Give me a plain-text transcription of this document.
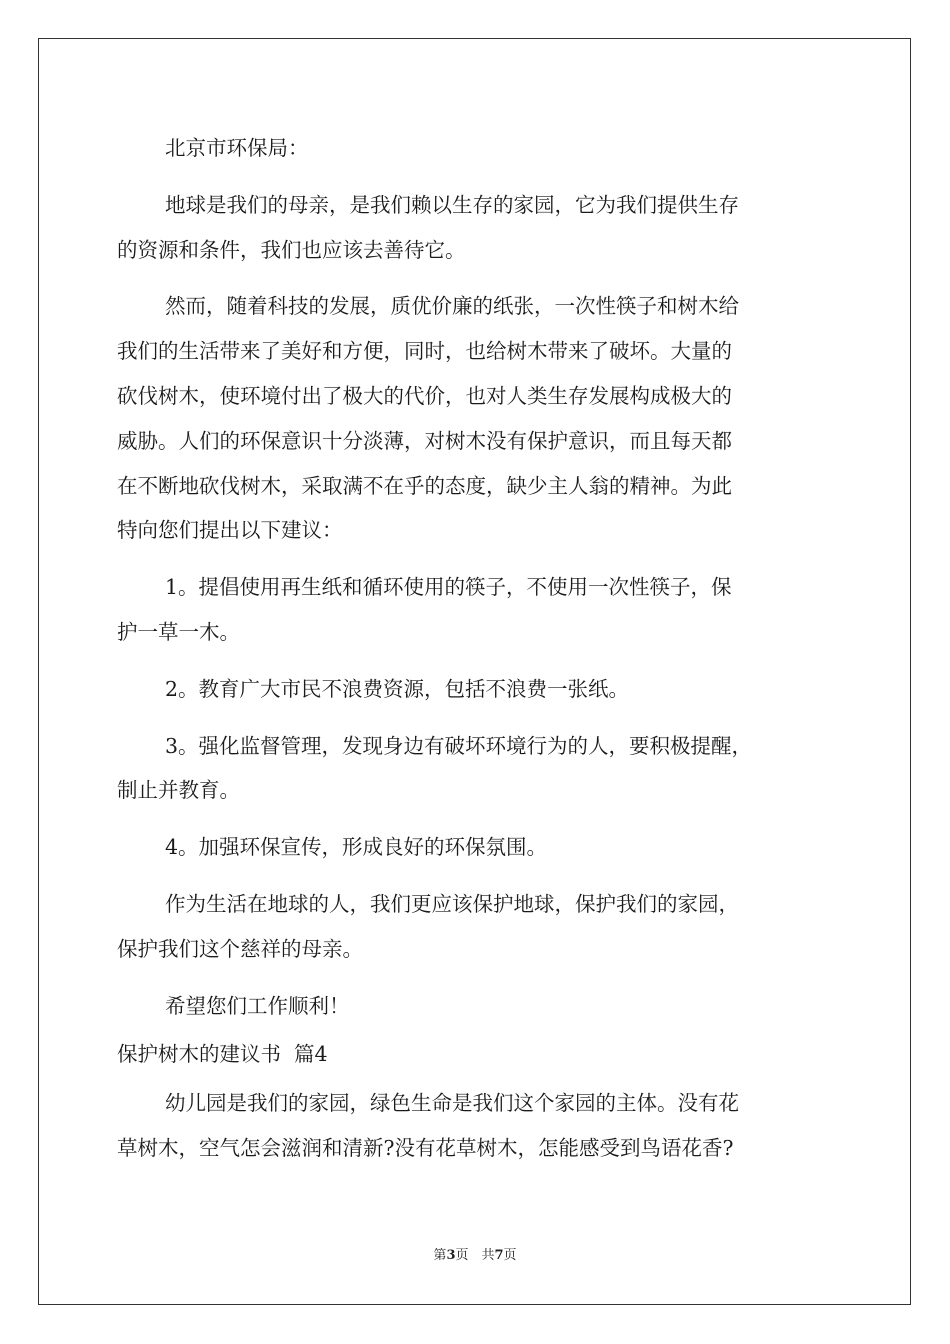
北京市环保局：
地球是我们的母亲，是我们赖以生存的家园，它为我们提供生存
的资源和条件，我们也应该去善待它。
然而，随着科技的发展，质优价廉的纸张，一次性筷子和树木给
我们的生活带来了美好和方便，同时，也给树木带来了破坏。大量的
砍伐树木，使环境付出了极大的代价，也对人类生存发展构成极大的
威胁。人们的环保意识十分淡薄，对树木没有保护意识，而且每天都
在不断地砍伐树木，采取满不在乎的态度，缺少主人翁的精神。为此
特向您们提出以下建议：
1。提倡使用再生纸和循环使用的筷子，不使用一次性筷子，保
护一草一木。
2。教育广大市民不浪费资源，包括不浪费一张纸。
3。强化监督管理，发现身边有破坏环境行为的人，要积极提醒，
制止并教育。
4。加强环保宣传，形成良好的环保氛围。
作为生活在地球的人，我们更应该保护地球，保护我们的家园，
保护我们这个慈祥的母亲。
希望您们工作顺利！
保护树木的建议书  篇4
幼儿园是我们的家园，绿色生命是我们这个家园的主体。没有花
草树木，空气怎会滋润和清新?没有花草树木，怎能感受到鸟语花香?
第3页　共7页
